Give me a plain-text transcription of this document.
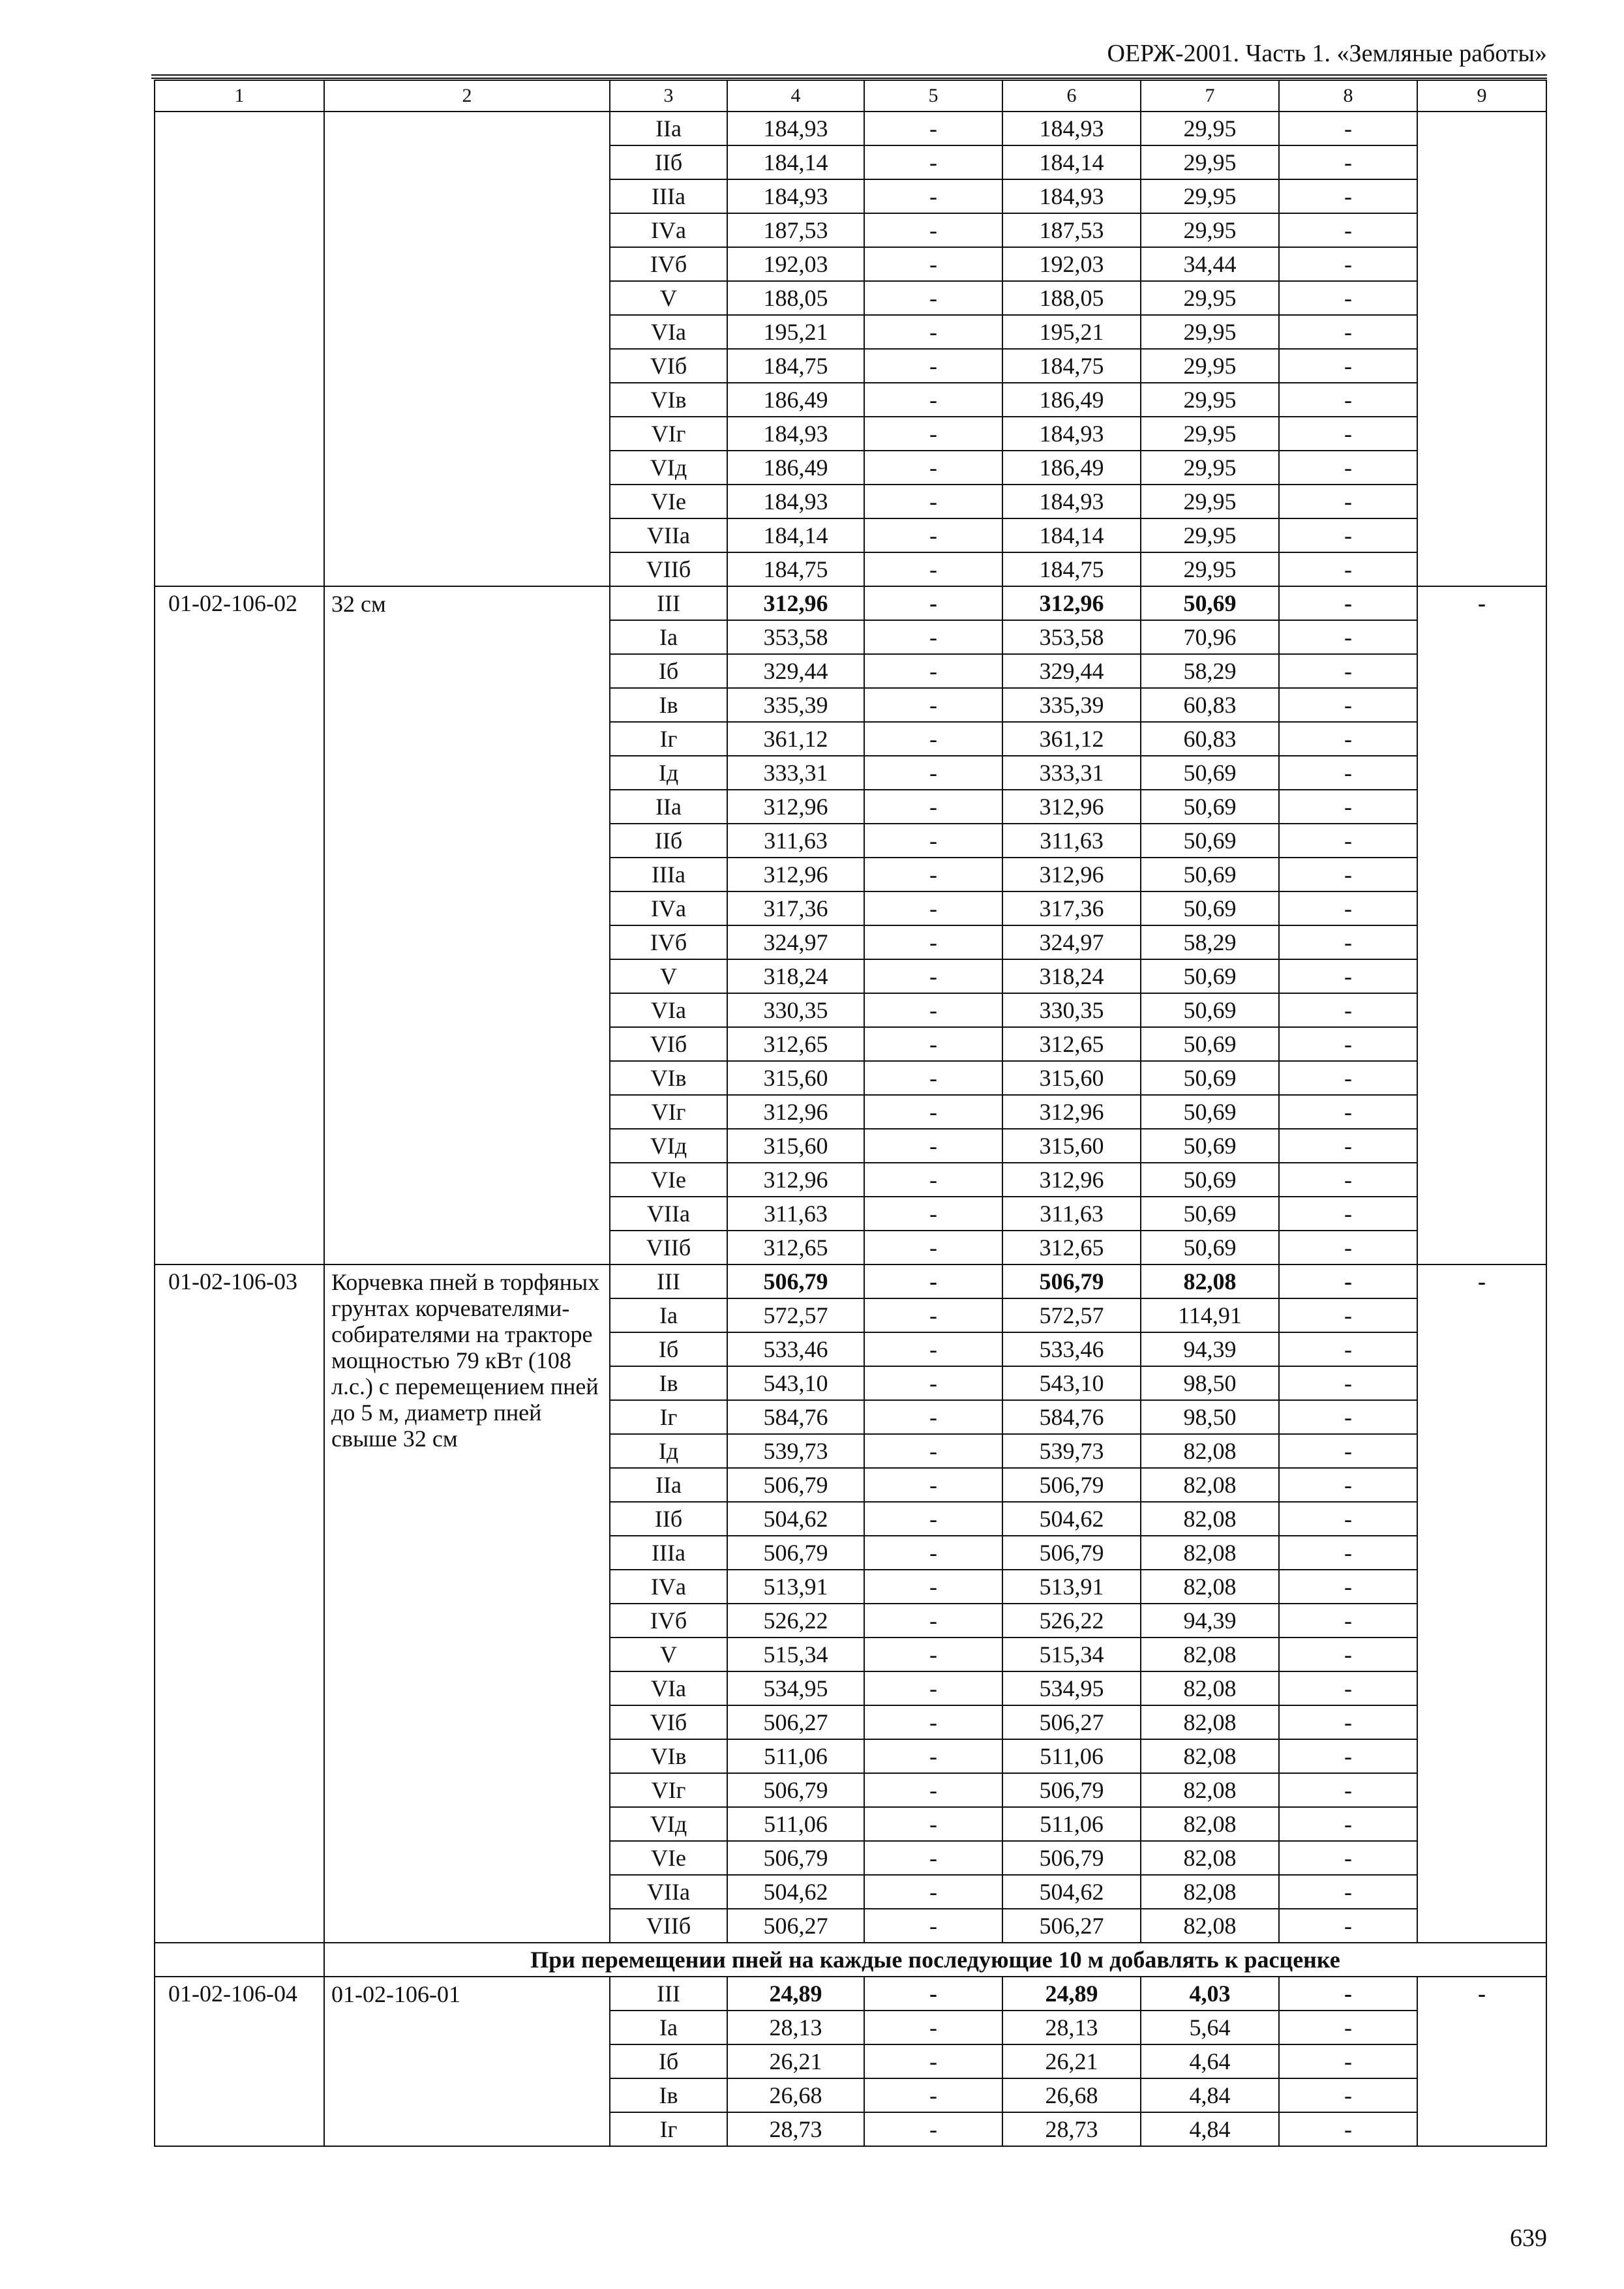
ОЕРЖ-2001. Часть 1. «Земляные работы»
1	2	3	4	5	6	7	8	9
		IIа	184,93	-	184,93	29,95	-	
		IIб	184,14	-	184,14	29,95	-	
		IIIа	184,93	-	184,93	29,95	-	
		IVа	187,53	-	187,53	29,95	-	
		IVб	192,03	-	192,03	34,44	-	
		V	188,05	-	188,05	29,95	-	
		VIа	195,21	-	195,21	29,95	-	
		VIб	184,75	-	184,75	29,95	-	
		VIв	186,49	-	186,49	29,95	-	
		VIг	184,93	-	184,93	29,95	-	
		VIд	186,49	-	186,49	29,95	-	
		VIе	184,93	-	184,93	29,95	-	
		VIIа	184,14	-	184,14	29,95	-	
		VIIб	184,75	-	184,75	29,95	-	
01-02-106-02	32 см	III	312,96	-	312,96	50,69	-	-
		Iа	353,58	-	353,58	70,96	-	
		Iб	329,44	-	329,44	58,29	-	
		Iв	335,39	-	335,39	60,83	-	
		Iг	361,12	-	361,12	60,83	-	
		Iд	333,31	-	333,31	50,69	-	
		IIа	312,96	-	312,96	50,69	-	
		IIб	311,63	-	311,63	50,69	-	
		IIIа	312,96	-	312,96	50,69	-	
		IVа	317,36	-	317,36	50,69	-	
		IVб	324,97	-	324,97	58,29	-	
		V	318,24	-	318,24	50,69	-	
		VIа	330,35	-	330,35	50,69	-	
		VIб	312,65	-	312,65	50,69	-	
		VIв	315,60	-	315,60	50,69	-	
		VIг	312,96	-	312,96	50,69	-	
		VIд	315,60	-	315,60	50,69	-	
		VIе	312,96	-	312,96	50,69	-	
		VIIа	311,63	-	311,63	50,69	-	
		VIIб	312,65	-	312,65	50,69	-	
01-02-106-03	Корчевка пней в торфяных грунтах корчевателями-собирателями на тракторе мощностью 79 кВт (108 л.с.) с перемещением пней до 5 м, диаметр пней свыше 32 см	III	506,79	-	506,79	82,08	-	-
		Iа	572,57	-	572,57	114,91	-	
		Iб	533,46	-	533,46	94,39	-	
		Iв	543,10	-	543,10	98,50	-	
		Iг	584,76	-	584,76	98,50	-	
		Iд	539,73	-	539,73	82,08	-	
		IIа	506,79	-	506,79	82,08	-	
		IIб	504,62	-	504,62	82,08	-	
		IIIа	506,79	-	506,79	82,08	-	
		IVа	513,91	-	513,91	82,08	-	
		IVб	526,22	-	526,22	94,39	-	
		V	515,34	-	515,34	82,08	-	
		VIа	534,95	-	534,95	82,08	-	
		VIб	506,27	-	506,27	82,08	-	
		VIв	511,06	-	511,06	82,08	-	
		VIг	506,79	-	506,79	82,08	-	
		VIд	511,06	-	511,06	82,08	-	
		VIе	506,79	-	506,79	82,08	-	
		VIIа	504,62	-	504,62	82,08	-	
		VIIб	506,27	-	506,27	82,08	-	
	При перемещении пней на каждые последующие 10 м добавлять к расценке							
01-02-106-04	01-02-106-01	III	24,89	-	24,89	4,03	-	-
		Iа	28,13	-	28,13	5,64	-	
		Iб	26,21	-	26,21	4,64	-	
		Iв	26,68	-	26,68	4,84	-	
		Iг	28,73	-	28,73	4,84	-	
639
